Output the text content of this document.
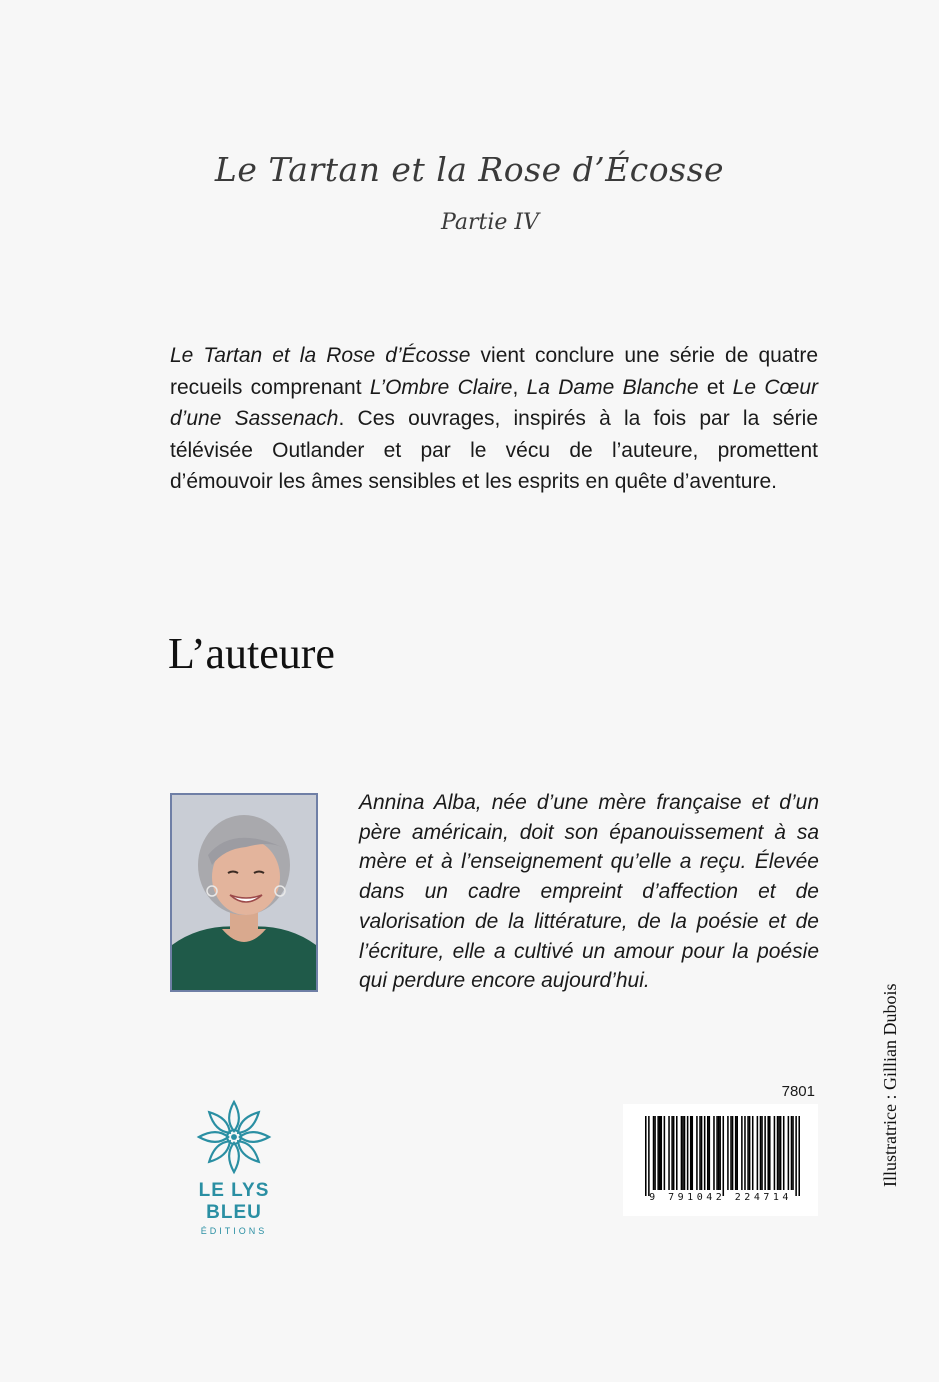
Le Tartan et la Rose d’Écosse
Partie IV

Le Tartan et la Rose d’Écosse vient conclure une série de quatre recueils comprenant L’Ombre Claire, La Dame Blanche et Le Cœur d’une Sassenach. Ces ouvrages, inspirés à la fois par la série télévisée Outlander et par le vécu de l’auteure, promettent d’émouvoir les âmes sensibles et les esprits en quête d’aventure.

L’auteure

Annina Alba, née d’une mère française et d’un père américain, doit son épanouissement à sa mère et à l’enseignement qu’elle a reçu. Élevée dans un cadre empreint d’affection et de valorisation de la littérature, de la poésie et de l’écriture, elle a cultivé un amour pour la poésie qui perdure encore aujourd’hui.

LE LYS BLEU
ÉDITIONS
7801
9 791042 224714
Illustratrice : Gillian Dubois
